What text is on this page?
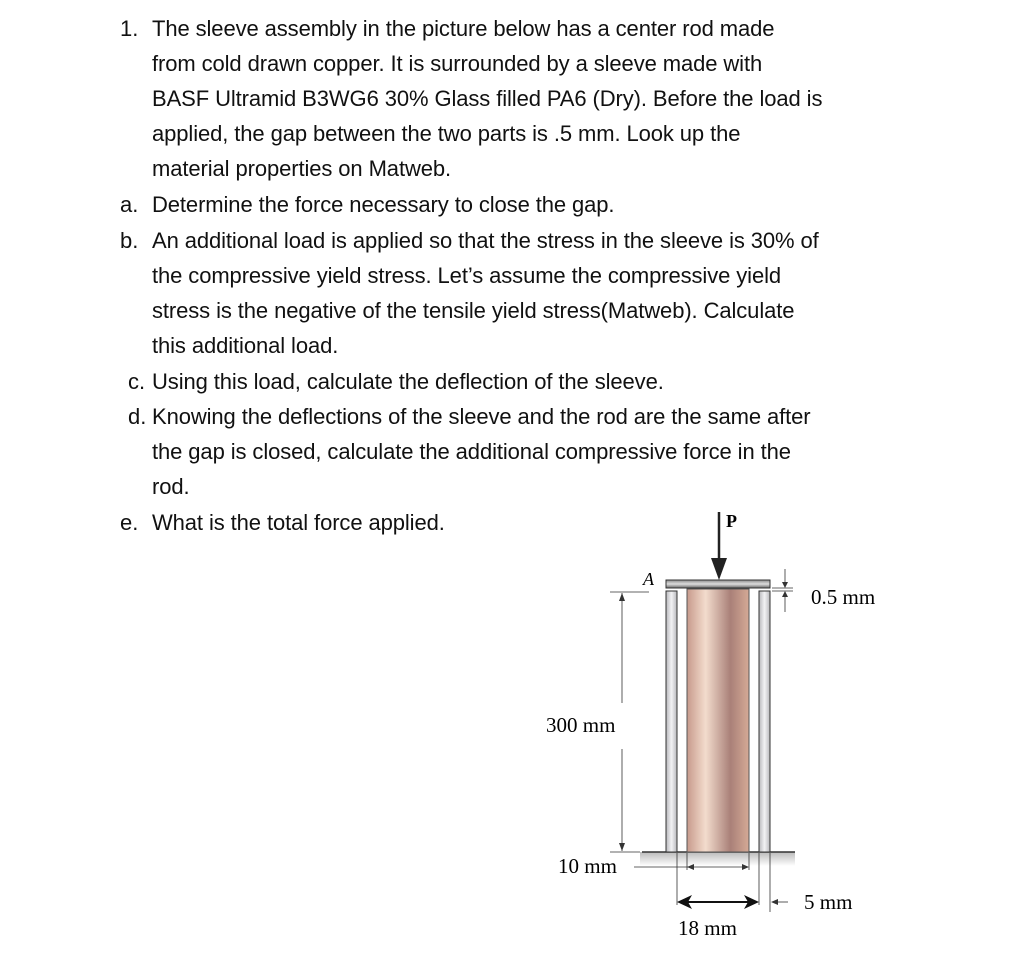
1. The sleeve assembly in the picture below has a center rod made
from cold drawn copper. It is surrounded by a sleeve made with
BASF Ultramid B3WG6 30% Glass filled PA6 (Dry). Before the load is
applied, the gap between the two parts is .5 mm. Look up the
material properties on Matweb.
a. Determine the force necessary to close the gap.
b. An additional load is applied so that the stress in the sleeve is 30% of
the compressive yield stress. Let’s assume the compressive yield
stress is the negative of the tensile yield stress(Matweb). Calculate
this additional load.
c. Using this load, calculate the deflection of the sleeve.
d. Knowing the deflections of the sleeve and the rod are the same after
the gap is closed, calculate the additional compressive force in the
rod.
e. What is the total force applied.	P
A
0.5 mm
300 mm
10 mm
18 mm
5 mm
